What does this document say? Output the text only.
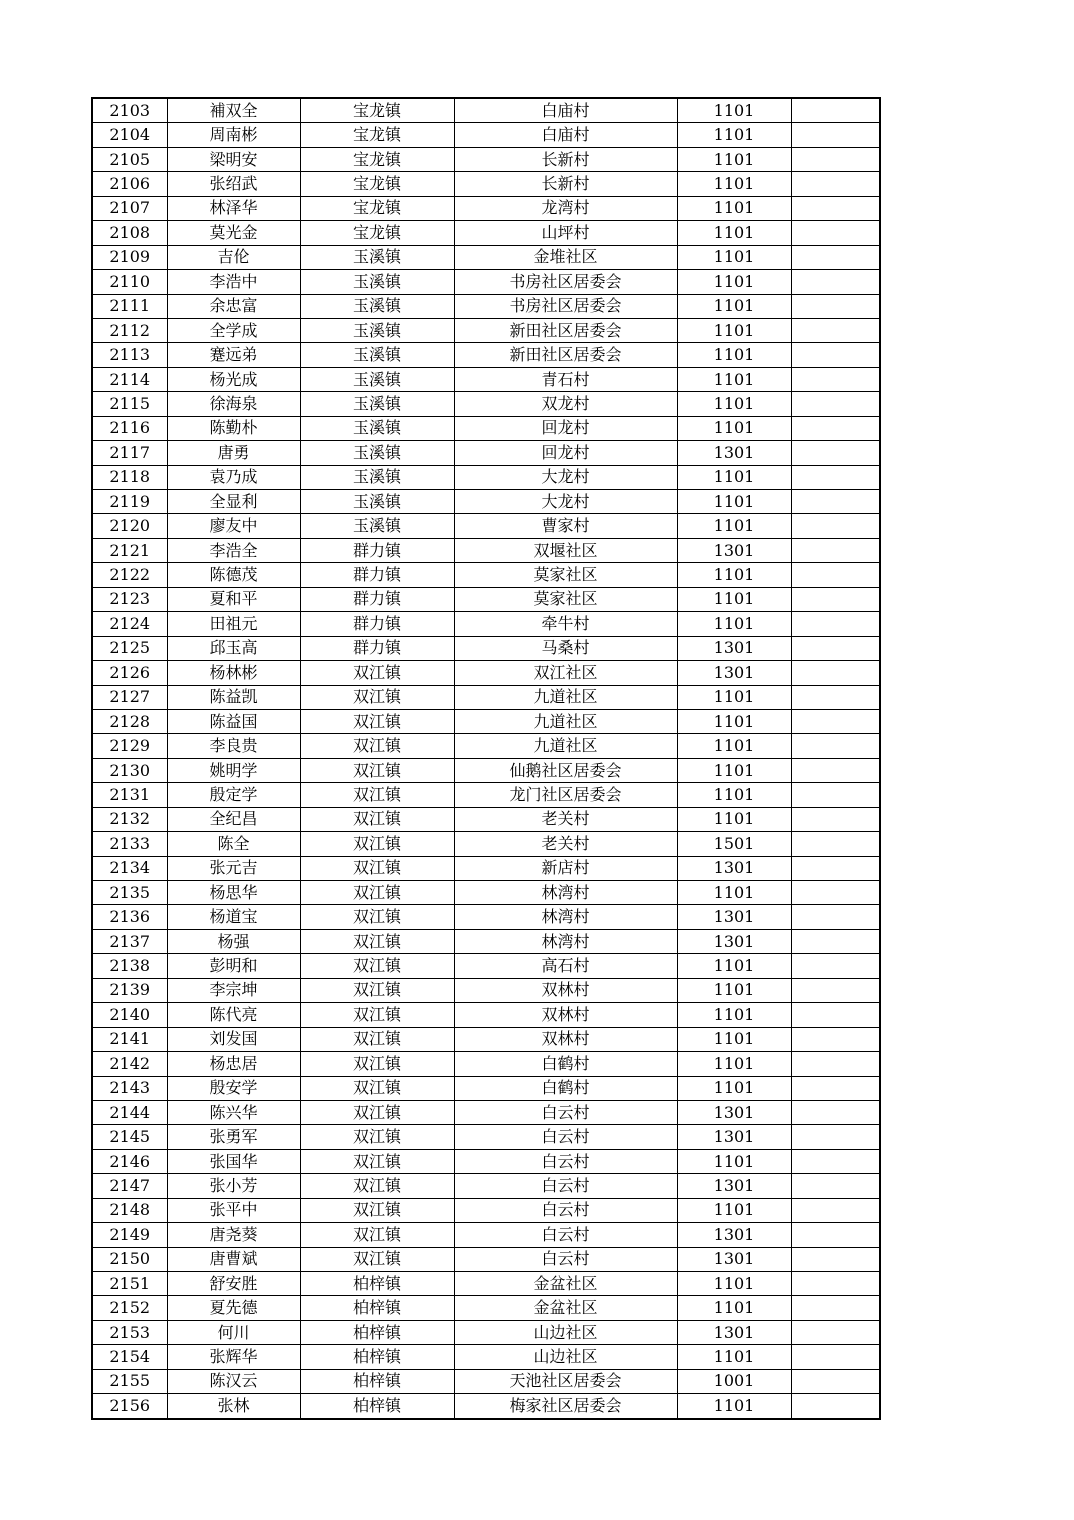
2103	補双全	宝龙镇	白庙村	1101	
2104	周南彬	宝龙镇	白庙村	1101	
2105	梁明安	宝龙镇	长新村	1101	
2106	张绍武	宝龙镇	长新村	1101	
2107	林泽华	宝龙镇	龙湾村	1101	
2108	莫光金	宝龙镇	山坪村	1101	
2109	吉伦	玉溪镇	金堆社区	1101	
2110	李浩中	玉溪镇	书房社区居委会	1101	
2111	余忠富	玉溪镇	书房社区居委会	1101	
2112	全学成	玉溪镇	新田社区居委会	1101	
2113	蹇远弟	玉溪镇	新田社区居委会	1101	
2114	杨光成	玉溪镇	青石村	1101	
2115	徐海泉	玉溪镇	双龙村	1101	
2116	陈勤朴	玉溪镇	回龙村	1101	
2117	唐勇	玉溪镇	回龙村	1301	
2118	袁乃成	玉溪镇	大龙村	1101	
2119	全显利	玉溪镇	大龙村	1101	
2120	廖友中	玉溪镇	曹家村	1101	
2121	李浩全	群力镇	双堰社区	1301	
2122	陈德茂	群力镇	莫家社区	1101	
2123	夏和平	群力镇	莫家社区	1101	
2124	田祖元	群力镇	牵牛村	1101	
2125	邱玉高	群力镇	马桑村	1301	
2126	杨林彬	双江镇	双江社区	1301	
2127	陈益凯	双江镇	九道社区	1101	
2128	陈益国	双江镇	九道社区	1101	
2129	李良贵	双江镇	九道社区	1101	
2130	姚明学	双江镇	仙鹅社区居委会	1101	
2131	殷定学	双江镇	龙门社区居委会	1101	
2132	全纪昌	双江镇	老关村	1101	
2133	陈全	双江镇	老关村	1501	
2134	张元吉	双江镇	新店村	1301	
2135	杨思华	双江镇	林湾村	1101	
2136	杨道宝	双江镇	林湾村	1301	
2137	杨强	双江镇	林湾村	1301	
2138	彭明和	双江镇	高石村	1101	
2139	李宗坤	双江镇	双林村	1101	
2140	陈代亮	双江镇	双林村	1101	
2141	刘发国	双江镇	双林村	1101	
2142	杨忠居	双江镇	白鹤村	1101	
2143	殷安学	双江镇	白鹤村	1101	
2144	陈兴华	双江镇	白云村	1301	
2145	张勇军	双江镇	白云村	1301	
2146	张国华	双江镇	白云村	1101	
2147	张小芳	双江镇	白云村	1301	
2148	张平中	双江镇	白云村	1101	
2149	唐尧葵	双江镇	白云村	1301	
2150	唐曹斌	双江镇	白云村	1301	
2151	舒安胜	柏梓镇	金盆社区	1101	
2152	夏先德	柏梓镇	金盆社区	1101	
2153	何川	柏梓镇	山边社区	1301	
2154	张辉华	柏梓镇	山边社区	1101	
2155	陈汉云	柏梓镇	天池社区居委会	1001	
2156	张林	柏梓镇	梅家社区居委会	1101	
